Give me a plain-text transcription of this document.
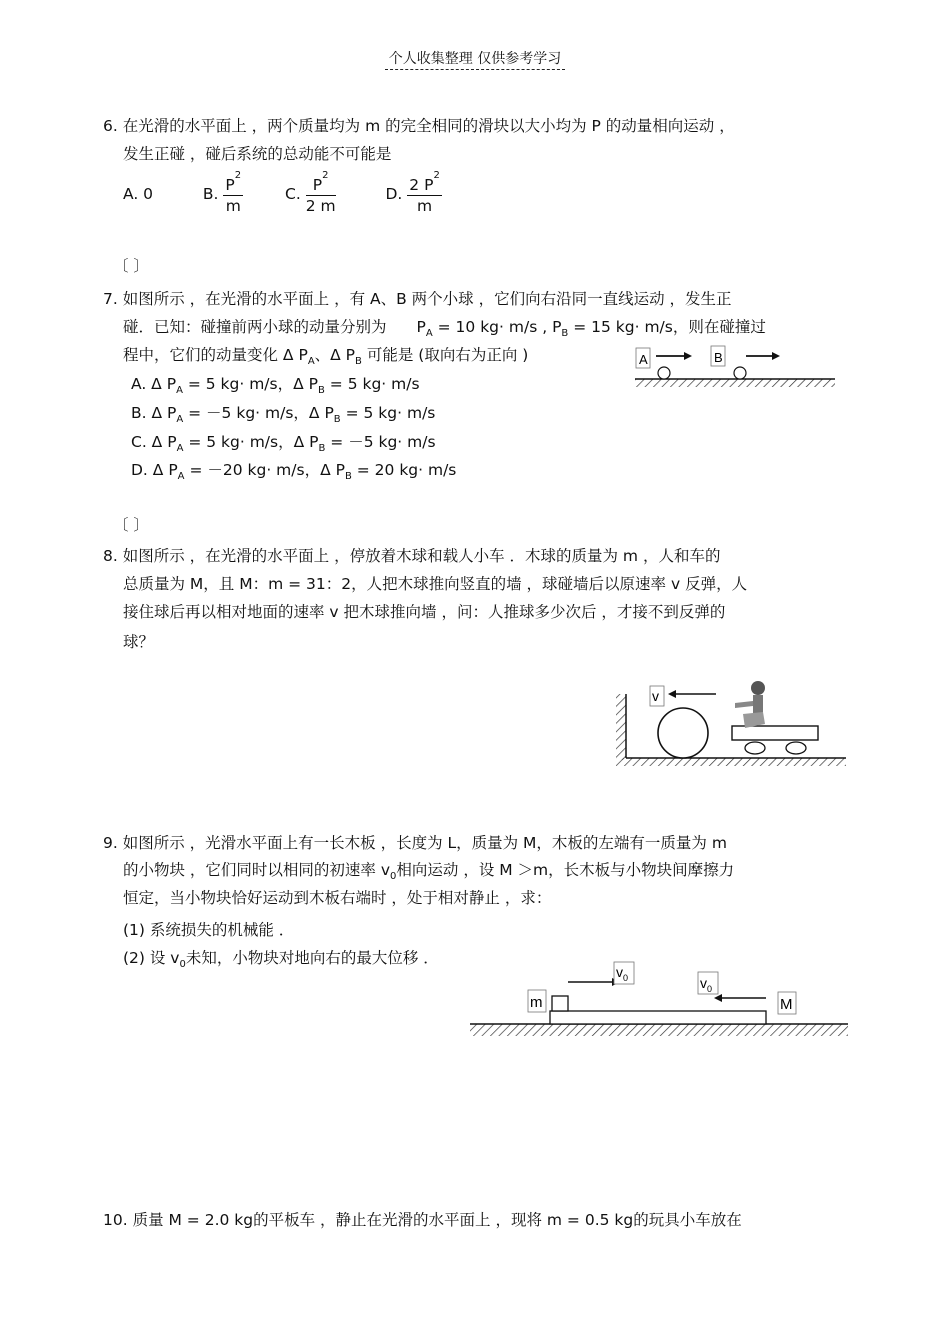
个人收集整理 仅供参考学习
6. 在光滑的水平面上 ，两个质量均为 m 的完全相同的滑块以大小均为 P 的动量相向运动 ，
发生正碰 ，碰后系统的总动能不可能是
A. 0	B. $\frac{P^2}{m}$	C. $\frac{P^2}{2 m}$	D. $\frac{2 P^2}{m}$
〔 〕
7. 如图所示 ，在光滑的水平面上 ，有 A、B 两个小球 ，它们向右沿同一直线运动 ，发生正
碰．已知：碰撞前两小球的动量分别为 $P_A = 10$ kg· m/s , $P_B = 15$ kg· m/s，则在碰撞过
程中，它们的动量变化 Δ $P_A$、Δ $P_B$ 可能是 (取向右为正向 )
A. Δ $P_A = 5$ kg· m/s，Δ $P_B = 5$ kg· m/s
B. Δ $P_A = -5$ kg· m/s，Δ $P_B = 5$ kg· m/s
C. Δ $P_A = 5$ kg· m/s，Δ $P_B = -5$ kg· m/s
D. Δ $P_A = -20$ kg· m/s，Δ $P_B = 20$ kg· m/s
〔 〕
A	B
8. 如图所示 ，在光滑的水平面上 ，停放着木球和载人小车 ．木球的质量为 m ，人和车的
总质量为 M，且 M：m = 31：2，人把木球推向竖直的墙 ，球碰墙后以原速率 v 反弹，人
接住球后再以相对地面的速率 v 把木球推向墙 ，问：人推球多少次后 ，才接不到反弹的
球？
v
9. 如图所示 ，光滑水平面上有一长木板 ，长度为 L，质量为 M，木板的左端有一质量为 m
的小物块 ，它们同时以相同的初速率 $v_0$相向运动 ，设 M ＞m，长木板与小物块间摩擦力
恒定，当小物块恰好运动到木板右端时 ，处于相对静止 ，求：
(1) 系统损失的机械能 ．
(2) 设 $v_0$未知，小物块对地向右的最大位移 ．
m
$v_0$	$v_0$
M
10. 质量 M = 2.0 kg的平板车 ，静止在光滑的水平面上 ，现将 m = 0.5 kg的玩具小车放在
